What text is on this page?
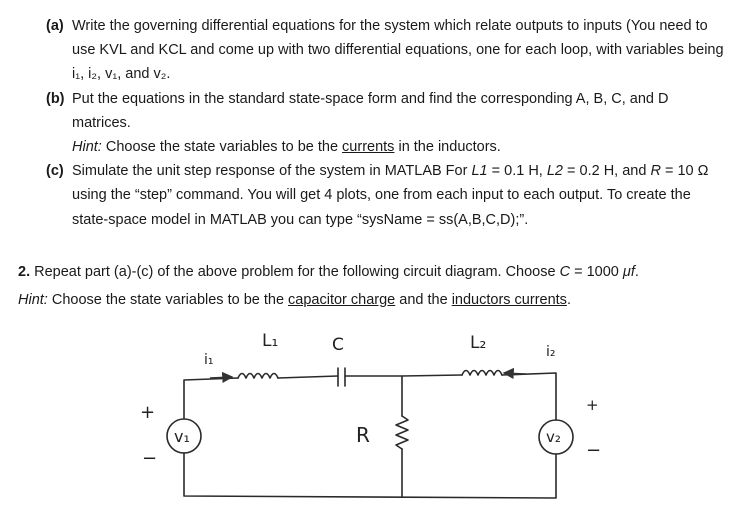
(a) Write the governing differential equations for the system which relate outputs to inputs (You need to use KVL and KCL and come up with two differential equations, one for each loop, with variables being i₁, i₂, v₁, and v₂.
(b) Put the equations in the standard state-space form and find the corresponding A, B, C, and D matrices.
Hint: Choose the state variables to be the currents in the inductors.
(c) Simulate the unit step response of the system in MATLAB For L1 = 0.1 H, L2 = 0.2 H, and R = 10 Ω using the “step” command. You will get 4 plots, one from each input to each output. To create the state-space model in MATLAB you can type “sysName = ss(A,B,C,D);”.
2. Repeat part (a)-(c) of the above problem for the following circuit diagram. Choose C = 1000 μf.
Hint: Choose the state variables to be the capacitor charge and the inductors currents.
L₁	C	L₂
i₁	i₂
R
v₁	v₂
+
−
+
−
